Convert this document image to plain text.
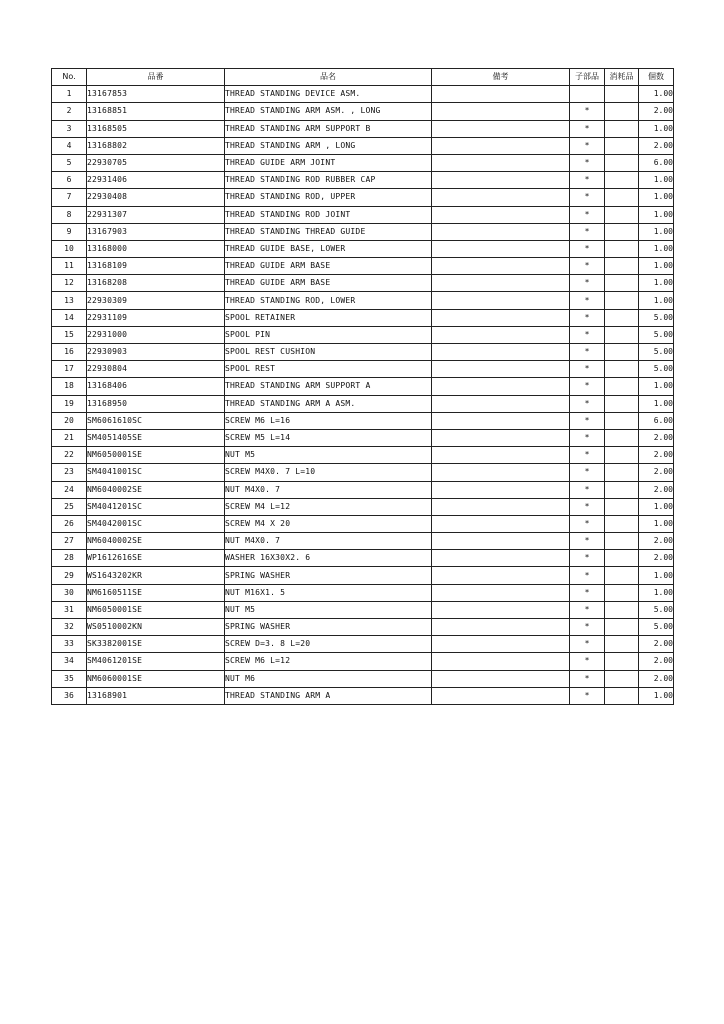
No.	品番	品名	備考	子部品	消耗品	個数
1	13167853	THREAD STANDING DEVICE ASM.				1.00
2	13168851	THREAD STANDING ARM ASM. , LONG		*		2.00
3	13168505	THREAD STANDING ARM SUPPORT B		*		1.00
4	13168802	THREAD STANDING ARM , LONG		*		2.00
5	22930705	THREAD GUIDE ARM JOINT		*		6.00
6	22931406	THREAD STANDING ROD RUBBER CAP		*		1.00
7	22930408	THREAD STANDING ROD, UPPER		*		1.00
8	22931307	THREAD STANDING ROD JOINT		*		1.00
9	13167903	THREAD STANDING THREAD GUIDE		*		1.00
10	13168000	THREAD GUIDE BASE, LOWER		*		1.00
11	13168109	THREAD GUIDE ARM BASE		*		1.00
12	13168208	THREAD GUIDE ARM BASE		*		1.00
13	22930309	THREAD STANDING ROD, LOWER		*		1.00
14	22931109	SPOOL RETAINER		*		5.00
15	22931000	SPOOL PIN		*		5.00
16	22930903	SPOOL REST CUSHION		*		5.00
17	22930804	SPOOL REST		*		5.00
18	13168406	THREAD STANDING ARM SUPPORT A		*		1.00
19	13168950	THREAD STANDING ARM A ASM.		*		1.00
20	SM6061610SC	SCREW M6 L=16		*		6.00
21	SM4051405SE	SCREW M5 L=14		*		2.00
22	NM6050001SE	NUT M5		*		2.00
23	SM4041001SC	SCREW M4X0. 7 L=10		*		2.00
24	NM6040002SE	NUT M4X0. 7		*		2.00
25	SM4041201SC	SCREW M4 L=12		*		1.00
26	SM4042001SC	SCREW M4 X 20		*		1.00
27	NM6040002SE	NUT M4X0. 7		*		2.00
28	WP1612616SE	WASHER 16X30X2. 6		*		2.00
29	WS1643202KR	SPRING WASHER		*		1.00
30	NM6160511SE	NUT M16X1. 5		*		1.00
31	NM6050001SE	NUT M5		*		5.00
32	WS0510002KN	SPRING WASHER		*		5.00
33	SK3382001SE	SCREW D=3. 8 L=20		*		2.00
34	SM4061201SE	SCREW M6 L=12		*		2.00
35	NM6060001SE	NUT M6		*		2.00
36	13168901	THREAD STANDING ARM A		*		1.00
